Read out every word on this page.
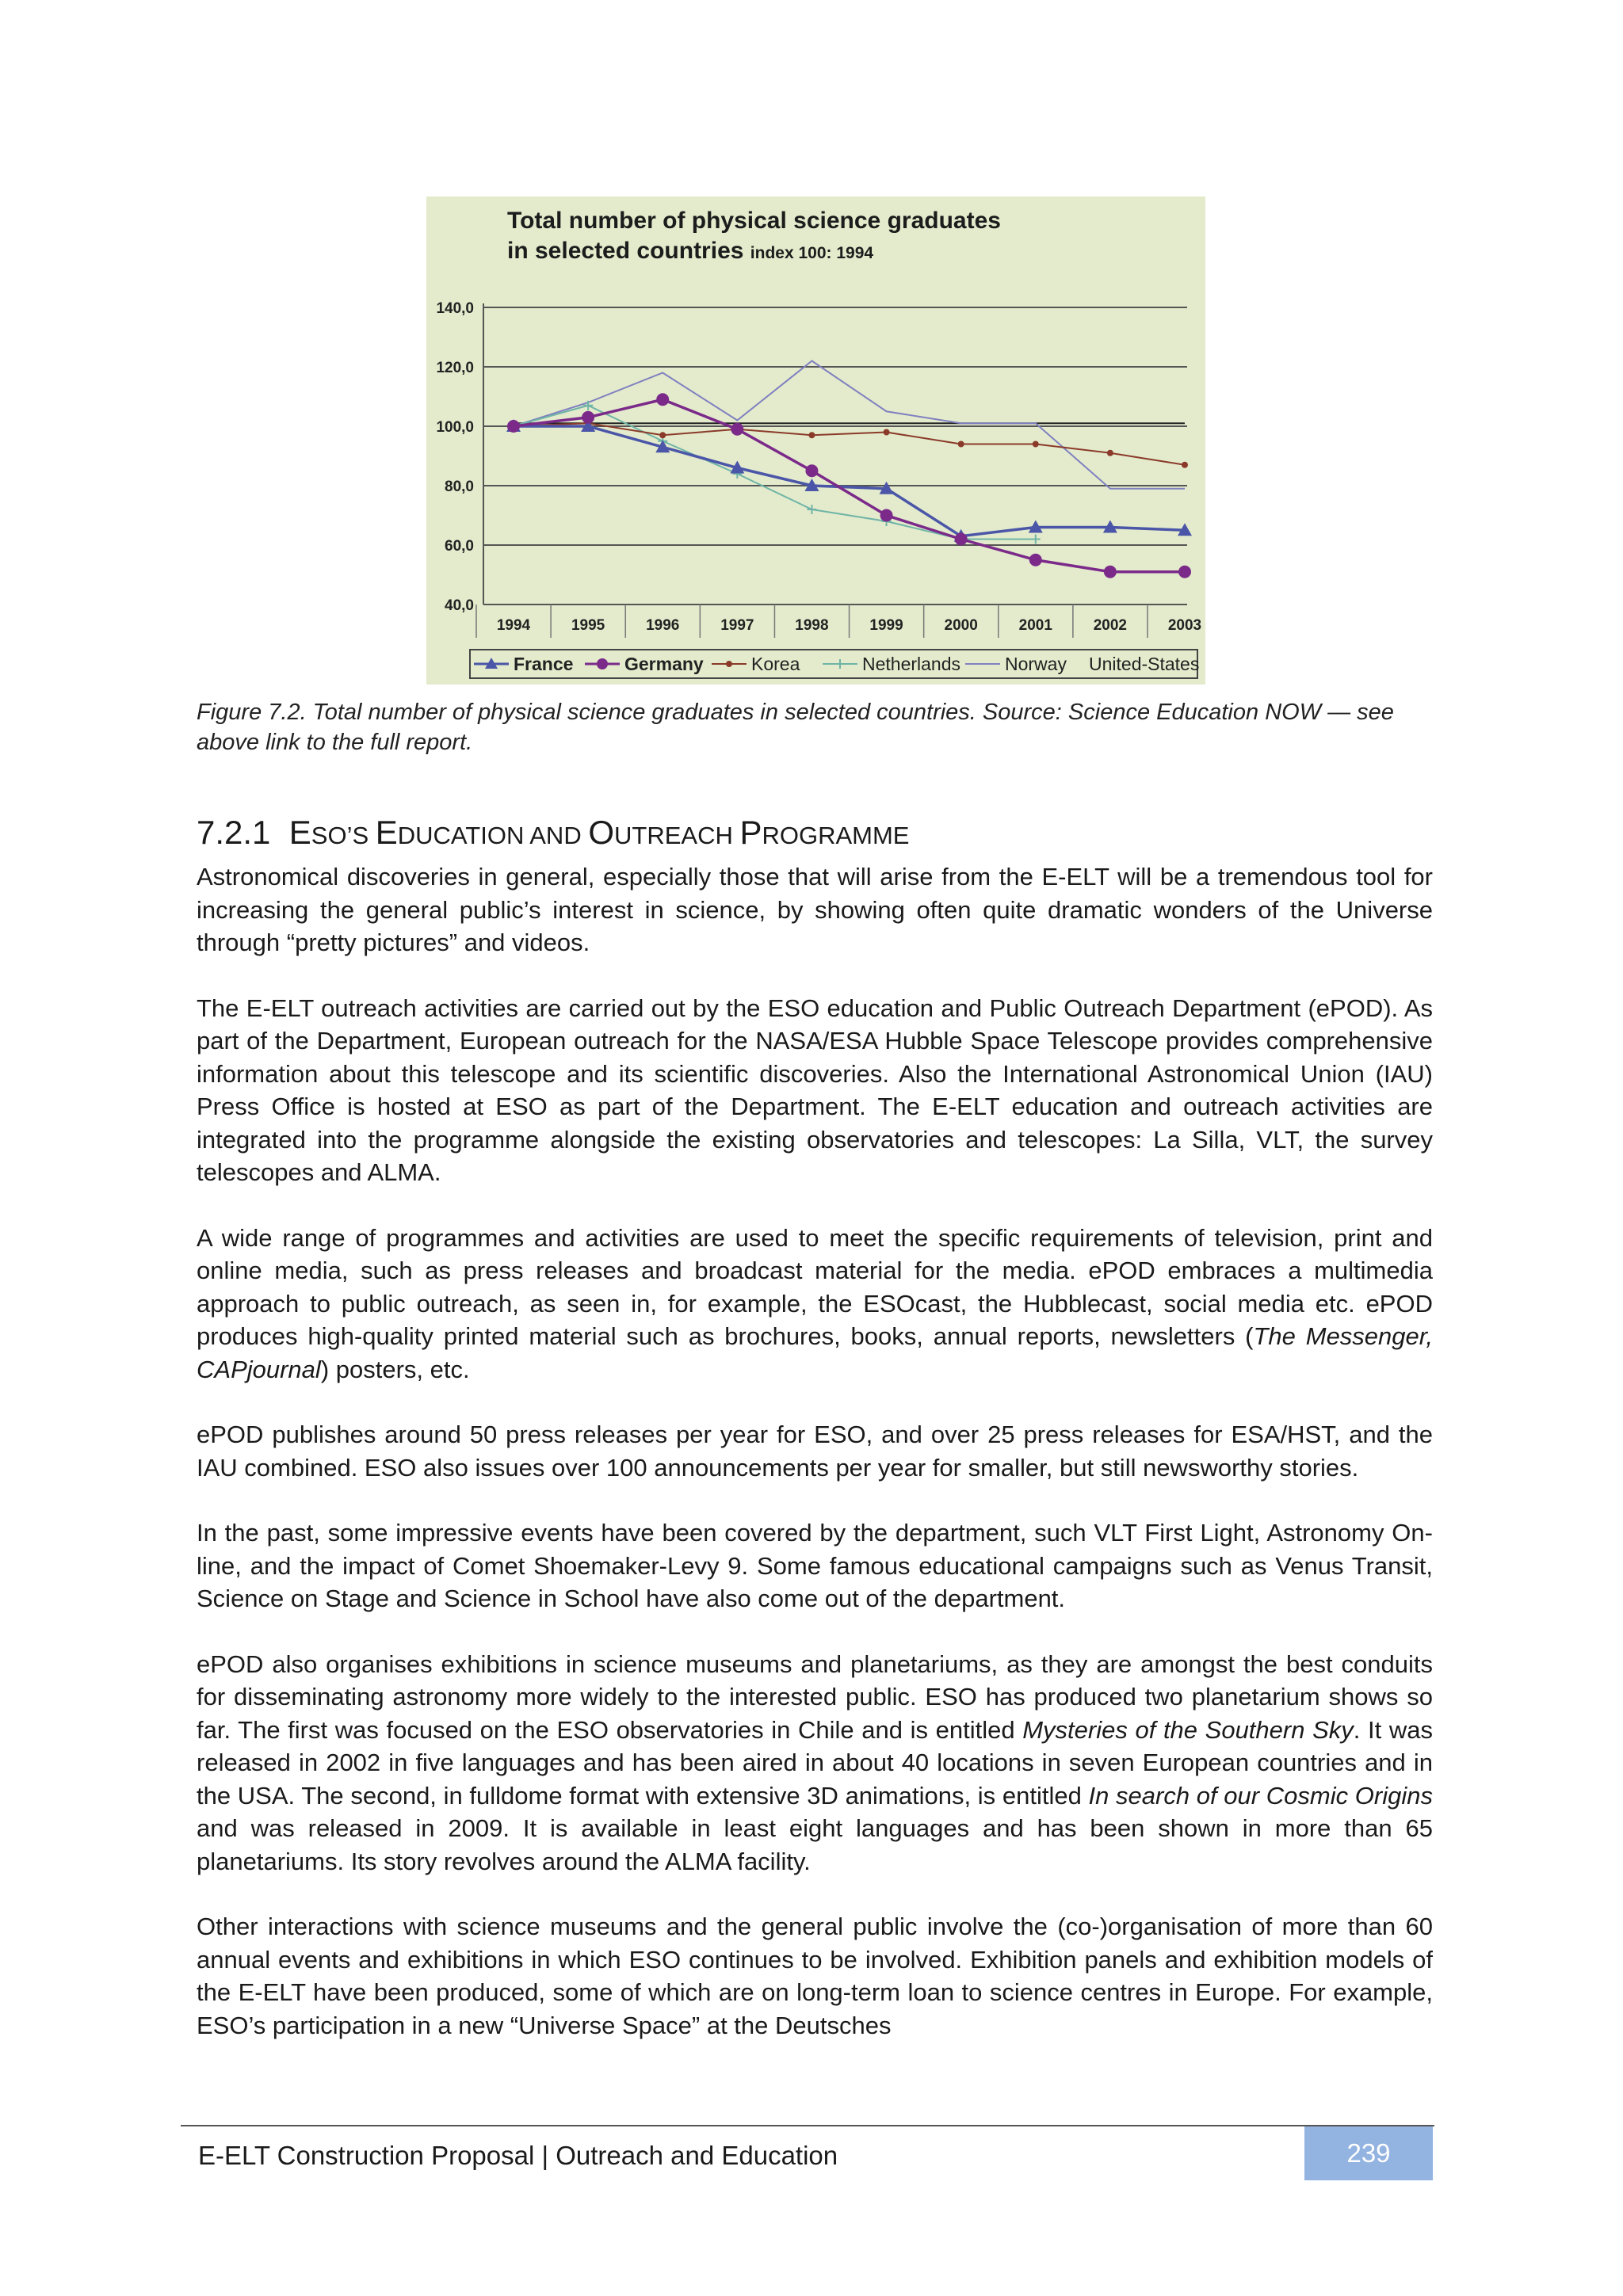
40,0
60,0
80,0
100,0
120,0
140,0
1994	1995	1996	1997	1998	1999	2000	2001	2002	2003
France	Germany	Korea	Netherlands Norway United-States
Total number of physical science graduates
in selected countries index 100: 1994
Figure 7.2. Total number of physical science graduates in selected countries. Source: Science Education NOW — see above link to the full report.
7.2.1 ESO’S EDUCATION AND OUTREACH PROGRAMME

Astronomical discoveries in general, especially those that will arise from the E-ELT will be a tremendous tool for increasing the general public’s interest in science, by showing often quite dramatic wonders of the Universe through “pretty pictures” and videos.

The E-ELT outreach activities are carried out by the ESO education and Public Outreach Department (ePOD). As part of the Department, European outreach for the NASA/ESA Hubble Space Telescope provides comprehensive information about this telescope and its scientific discoveries. Also the International Astronomical Union (IAU) Press Office is hosted at ESO as part of the Department. The E-ELT education and outreach activities are integrated into the programme alongside the existing observatories and telescopes: La Silla, VLT, the survey telescopes and ALMA.

A wide range of programmes and activities are used to meet the specific requirements of television, print and online media, such as press releases and broadcast material for the media. ePOD embraces a multimedia approach to public outreach, as seen in, for example, the ESOcast, the Hubblecast, social media etc. ePOD produces high-quality printed material such as brochures, books, annual reports, newsletters (The Messenger, CAPjournal) posters, etc.

ePOD publishes around 50 press releases per year for ESO, and over 25 press releases for ESA/HST, and the IAU combined. ESO also issues over 100 announcements per year for smaller, but still newsworthy stories.

In the past, some impressive events have been covered by the department, such VLT First Light, Astronomy On-line, and the impact of Comet Shoemaker-Levy 9. Some famous educational campaigns such as Venus Transit, Science on Stage and Science in School have also come out of the department.

ePOD also organises exhibitions in science museums and planetariums, as they are amongst the best conduits for disseminating astronomy more widely to the interested public. ESO has produced two planetarium shows so far. The first was focused on the ESO observatories in Chile and is entitled Mysteries of the Southern Sky. It was released in 2002 in five languages and has been aired in about 40 locations in seven European countries and in the USA. The second, in fulldome format with extensive 3D animations, is entitled In search of our Cosmic Origins and was released in 2009. It is available in least eight languages and has been shown in more than 65 planetariums. Its story revolves around the ALMA facility.

Other interactions with science museums and the general public involve the (co-)organisation of more than 60 annual events and exhibitions in which ESO continues to be involved. Exhibition panels and exhibition models of the E-ELT have been produced, some of which are on long-term loan to science centres in Europe. For example, ESO’s participation in a new “Universe Space” at the Deutsches

E-ELT Construction Proposal | Outreach and Education	239
